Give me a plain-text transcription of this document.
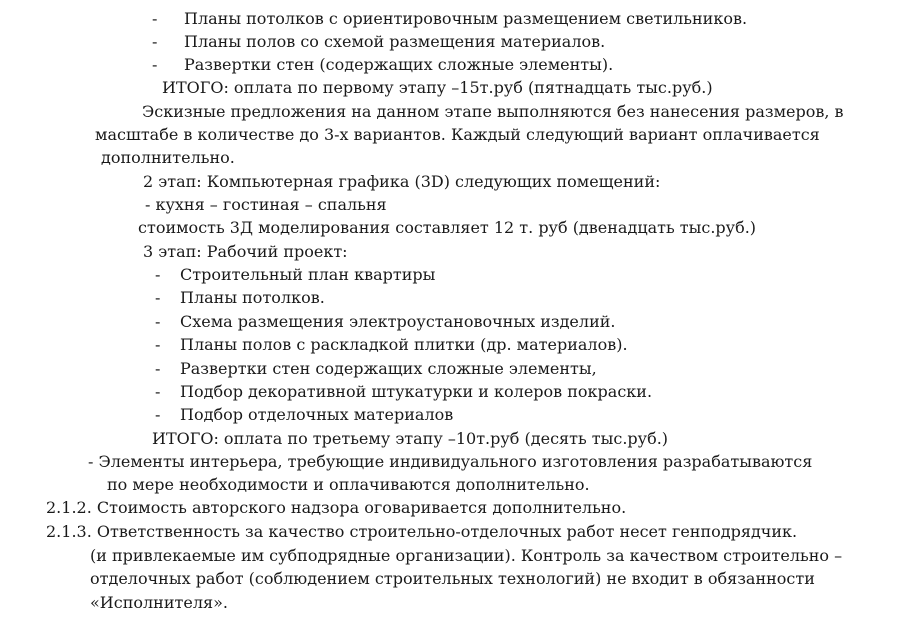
- Планы потолков с ориентировочным размещением светильников.
- Планы полов со схемой размещения материалов.
- Развертки стен (содержащих сложные элементы).
ИТОГО: оплата по первому этапу –15т.руб (пятнадцать тыс.руб.)
Эскизные предложения на данном этапе выполняются без нанесения размеров, в
масштабе в количестве до 3-х вариантов. Каждый следующий вариант оплачивается
дополнительно.
2 этап: Компьютерная графика (3D) следующих помещений:
- кухня – гостиная – спальня
стоимость 3Д моделирования составляет 12 т. руб (двенадцать тыс.руб.)
3 этап: Рабочий проект:
- Строительный план квартиры
- Планы потолков.
- Схема размещения электроустановочных изделий.
- Планы полов с раскладкой плитки (др. материалов).
- Развертки стен содержащих сложные элементы,
- Подбор декоративной штукатурки и колеров покраски.
- Подбор отделочных материалов
ИТОГО: оплата по третьему этапу –10т.руб (десять тыс.руб.)
- Элементы интерьера, требующие индивидуального изготовления разрабатываются
по мере необходимости и оплачиваются дополнительно.
2.1.2. Стоимость авторского надзора оговаривается дополнительно.
2.1.3. Ответственность за качество строительно-отделочных работ несет генподрядчик.
(и привлекаемые им субподрядные организации). Контроль за качеством строительно –
отделочных работ (соблюдением строительных технологий) не входит в обязанности
«Исполнителя».
